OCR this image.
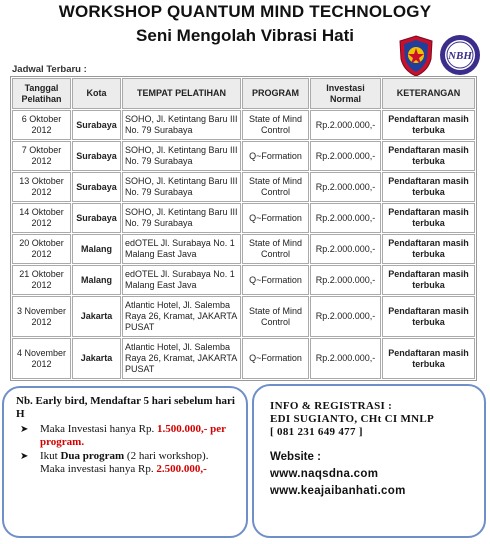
WORKSHOP QUANTUM MIND TECHNOLOGY
Seni Mengolah Vibrasi Hati
NBH
Jadwal Terbaru :
Tanggal Pelatihan	Kota	TEMPAT PELATIHAN	PROGRAM	Investasi Normal	KETERANGAN
6 Oktober 2012	Surabaya	SOHO, Jl. Ketintang Baru III No. 79 Surabaya	State of Mind Control	Rp.2.000.000,-	Pendaftaran masih terbuka
7 Oktober 2012	Surabaya	SOHO, Jl. Ketintang Baru III No. 79 Surabaya	Q~Formation	Rp.2.000.000,-	Pendaftaran masih terbuka
13 Oktober 2012	Surabaya	SOHO, Jl. Ketintang Baru III No. 79 Surabaya	State of Mind Control	Rp.2.000.000,-	Pendaftaran masih terbuka
14 Oktober 2012	Surabaya	SOHO, Jl. Ketintang Baru III No. 79 Surabaya	Q~Formation	Rp.2.000.000,-	Pendaftaran masih terbuka
20 Oktober 2012	Malang	edOTEL Jl. Surabaya No. 1 Malang East Java	State of Mind Control	Rp.2.000.000,-	Pendaftaran masih terbuka
21 Oktober 2012	Malang	edOTEL Jl. Surabaya No. 1 Malang East Java	Q~Formation	Rp.2.000.000,-	Pendaftaran masih terbuka
3 November 2012	Jakarta	Atlantic Hotel, Jl. Salemba Raya 26, Kramat, JAKARTA PUSAT	State of Mind Control	Rp.2.000.000,-	Pendaftaran masih terbuka
4 November 2012	Jakarta	Atlantic Hotel, Jl. Salemba Raya 26, Kramat, JAKARTA PUSAT	Q~Formation	Rp.2.000.000,-	Pendaftaran masih terbuka
Nb. Early bird, Mendaftar 5 hari sebelum hari H
➤ Maka Investasi hanya Rp. 1.500.000,- per program.
➤ Ikut Dua program (2 hari workshop). Maka investasi hanya Rp. 2.500.000,-
INFO & REGISTRASI :
EDI SUGIANTO, CHt CI MNLP
[ 081 231 649 477 ]
Website :
www.naqsdna.com
www.keajaibanhati.com
